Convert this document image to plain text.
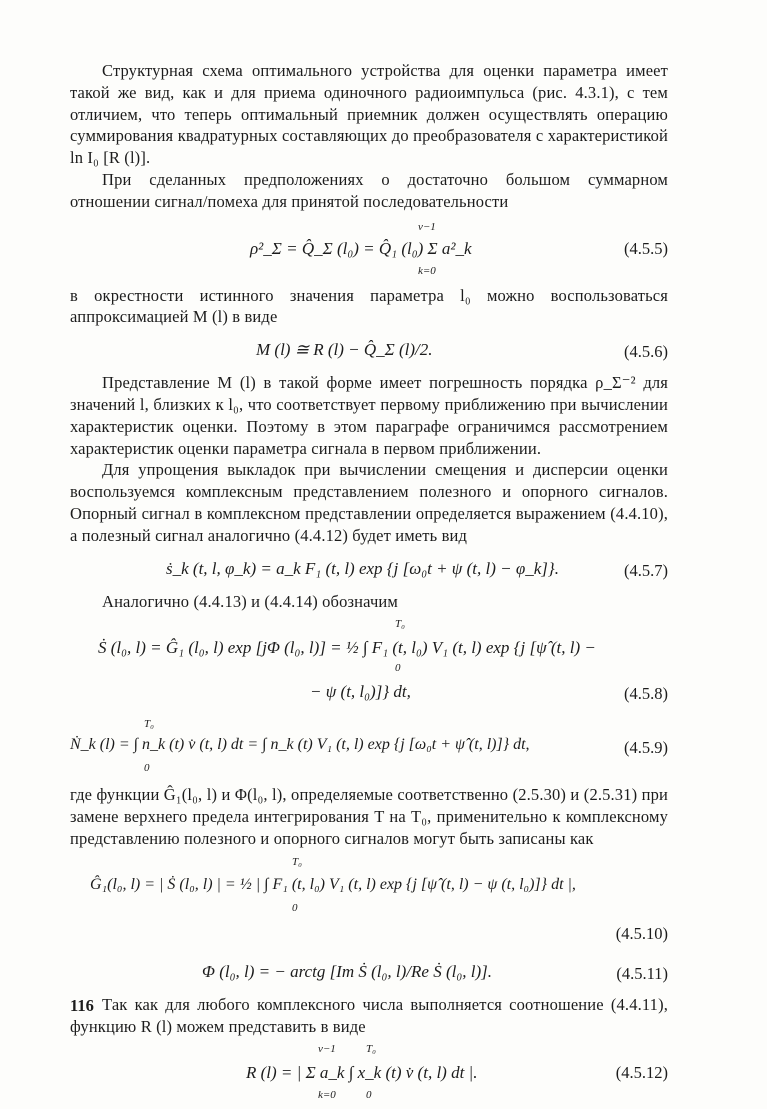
Структурная схема оптимального устройства для оценки параметра имеет такой же вид, как и для приема одиночного радиоимпульса (рис. 4.3.1), с тем отличием, что теперь оптимальный приемник должен осуществлять операцию суммирования квадратурных составляющих до преобразователя с характеристикой ln I₀ [R (l)].

При сделанных предположениях о достаточно большом суммарном отношении сигнал/помеха для принятой последовательности

ρ²_Σ = Q̂_Σ (l₀) = Q̂₁ (l₀) Σ a²_k
ν−1
k=0
(4.5.5)

в окрестности истинного значения параметра l₀ можно воспользоваться аппроксимацией M (l) в виде

M (l) ≅ R (l) − Q̂_Σ (l)/2.	(4.5.6)

Представление M (l) в такой форме имеет погрешность порядка ρ_Σ⁻² для значений l, близких к l₀, что соответствует первому приближению при вычислении характеристик оценки. Поэтому в этом параграфе ограничимся рассмотрением характеристик оценки параметра сигнала в первом приближении.

Для упрощения выкладок при вычислении смещения и дисперсии оценки воспользуемся комплексным представлением полезного и опорного сигналов. Опорный сигнал в комплексном представлении определяется выражением (4.4.10), а полезный сигнал аналогично (4.4.12) будет иметь вид

ṡ_k (t, l, φ_k) = a_k F₁ (t, l) exp {j [ω₀t + ψ (t, l) − φ_k]}.	(4.5.7)

Аналогично (4.4.13) и (4.4.14) обозначим

Ṡ (l₀, l) = Ĝ₁ (l₀, l) exp [jΦ (l₀, l)] = ½ ∫ F₁ (t, l₀) V₁ (t, l) exp {j [ψ̂ (t, l) −
T₀
0
− ψ (t, l₀)]} dt,	(4.5.8)
Ṅ_k (l) = ∫ n_k (t) v̇ (t, l) dt = ∫ n_k (t) V₁ (t, l) exp {j [ω₀t + ψ̂ (t, l)]} dt,
T₀
0
(4.5.9)

где функции Ĝ₁(l₀, l) и Φ(l₀, l), определяемые соответственно (2.5.30) и (2.5.31) при замене верхнего предела интегрирования T на T₀, применительно к комплексному представлению полезного и опорного сигналов могут быть записаны как

Ĝ₁(l₀, l) = | Ṡ (l₀, l) | = ½ | ∫ F₁ (t, l₀) V₁ (t, l) exp {j [ψ̂ (t, l) − ψ (t, l₀)]} dt |,
T₀
0
(4.5.10)
Φ (l₀, l) = − arctg [Im Ṡ (l₀, l)/Re Ṡ (l₀, l)].	(4.5.11)

Так как для любого комплексного числа выполняется соотношение (4.4.11), функцию R (l) можем представить в виде

R (l) = | Σ a_k ∫ x_k (t) v̇ (t, l) dt |.
ν−1
k=0
T₀
0
(4.5.12)
116
